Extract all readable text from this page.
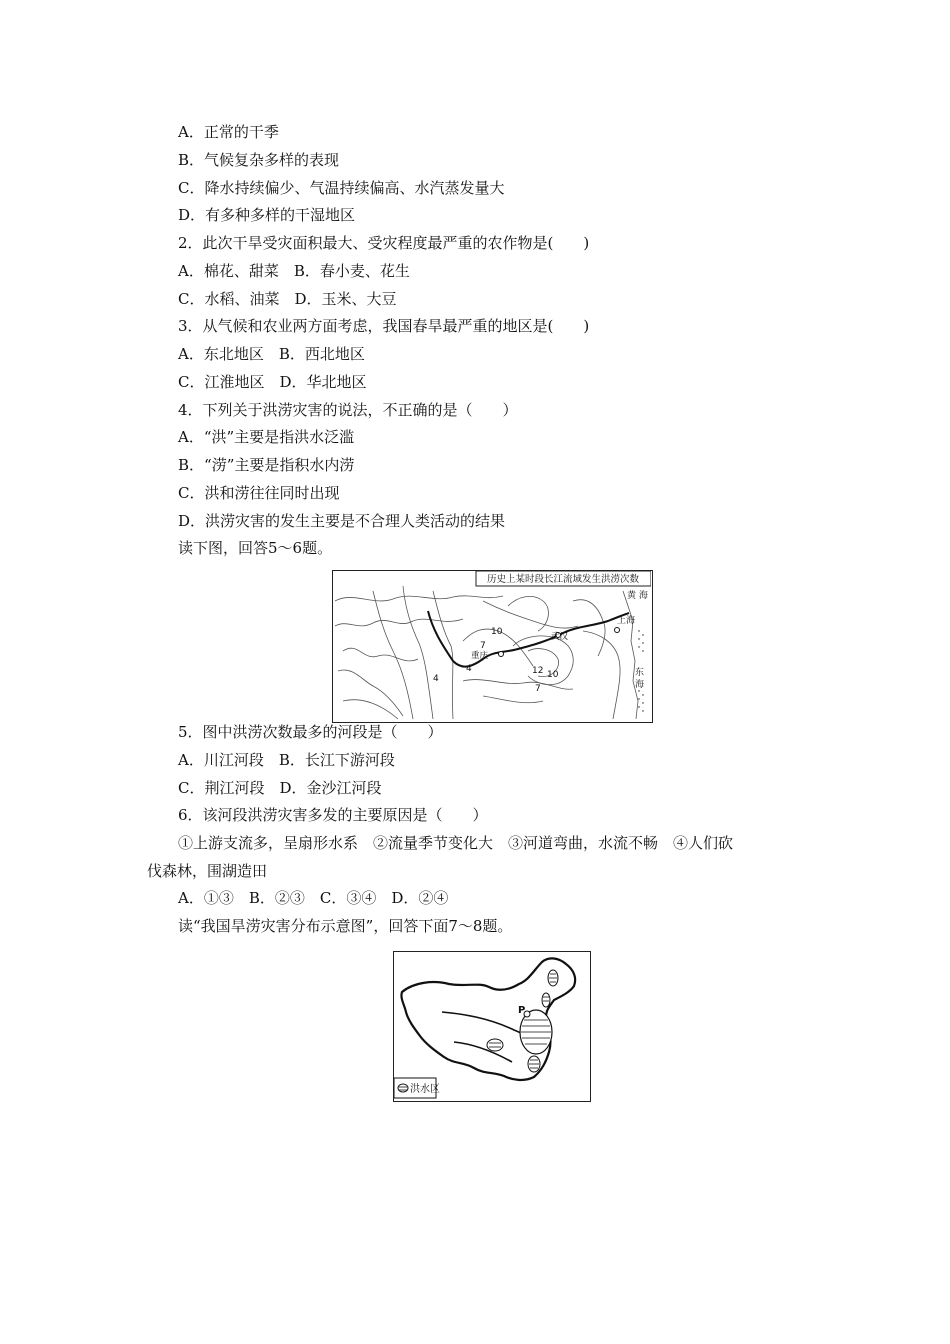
A．正常的干季
B．气候复杂多样的表现
C．降水持续偏少、气温持续偏高、水汽蒸发量大
D．有多种多样的干湿地区
2．此次干旱受灾面积最大、受灾程度最严重的农作物是(　　)
A．棉花、甜菜　B．春小麦、花生
C．水稻、油菜　D．玉米、大豆
3．从气候和农业两方面考虑，我国春旱最严重的地区是(　　)
A．东北地区　B．西北地区
C．江淮地区　D．华北地区
4．下列关于洪涝灾害的说法，不正确的是（　　）
A．“洪”主要是指洪水泛滥
B．“涝”主要是指积水内涝
C．洪和涝往往同时出现
D．洪涝灾害的发生主要是不合理人类活动的结果
读下图，回答5～6题。
历史上某时段长江流域发生洪涝次数
黄 海
上海
东
海
武汉
重庆
10
7
4
4
12 10
7
5．图中洪涝次数最多的河段是（　　）
A．川江河段　B．长江下游河段
C．荆江河段　D．金沙江河段
6．该河段洪涝灾害多发的主要原因是（　　）
①上游支流多，呈扇形水系　②流量季节变化大　③河道弯曲，水流不畅　④人们砍
伐森林，围湖造田
A．①③　B．②③　C．③④　D．②④
读“我国旱涝灾害分布示意图”，回答下面7～8题。
P
洪水区
